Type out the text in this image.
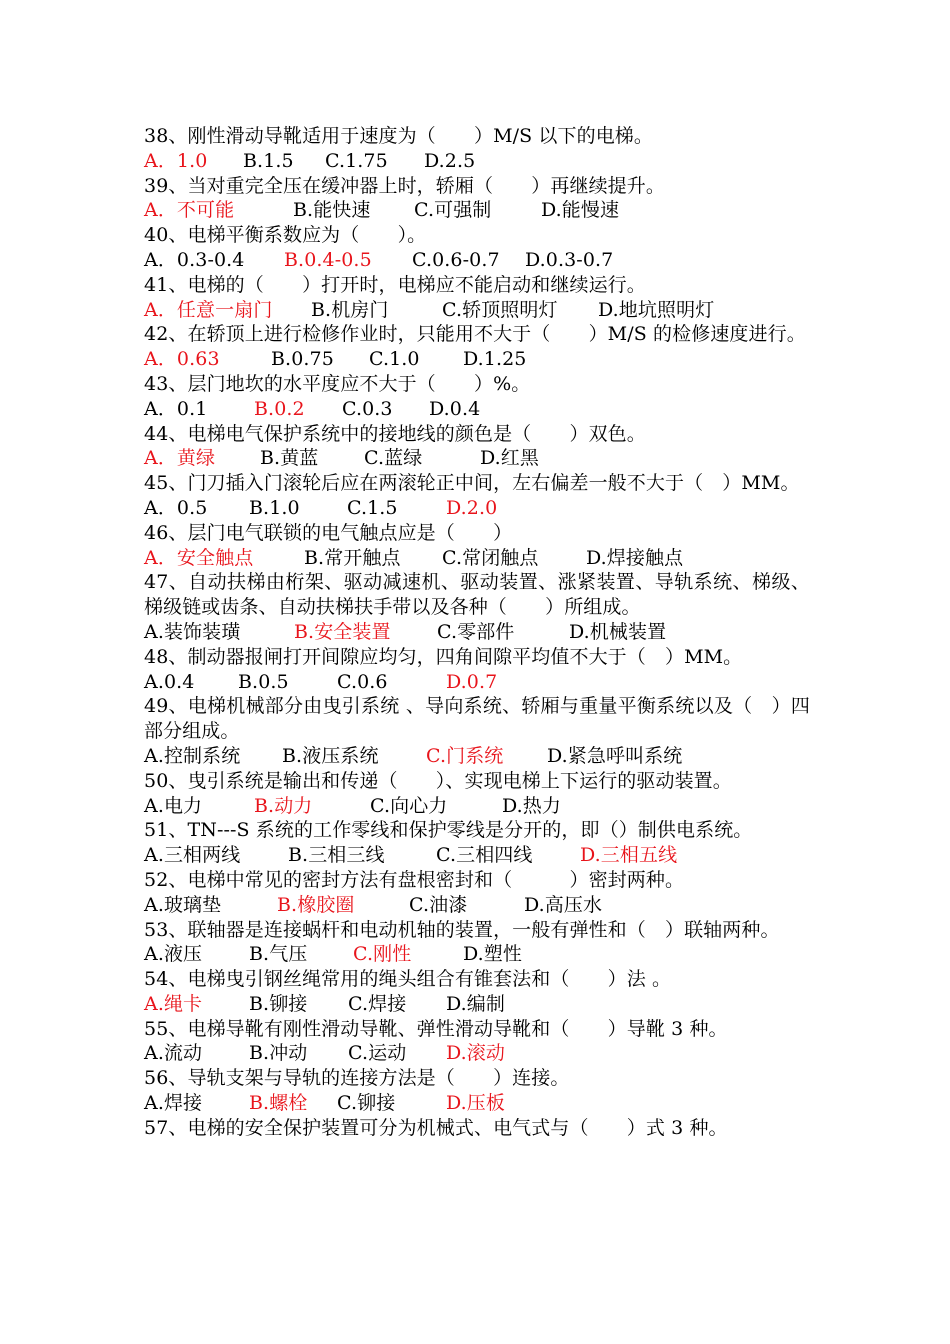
38、刚性滑动导靴适用于速度为（　　）M/S 以下的电梯。

A．1.0

B.1.5

C.1.75

D.2.5

39、当对重完全压在缓冲器上时，轿厢（　　）再继续提升。

A．不可能

	B.能快速

C.可强制

	D.能慢速

40、电梯平衡系数应为（　　）。

A．0.3-0.4

B.0.4-0.5

C.0.6-0.7

D.0.3-0.7

41、电梯的（　　）打开时，电梯应不能启动和继续运行。

A．任意一扇门

B.机房门

	C.轿顶照明灯

D.地坑照明灯

42、在轿顶上进行检修作业时，只能用不大于（　　）M/S 的检修速度进行。

A．0.63

	B.0.75

C.1.0

D.1.25

43、层门地坎的水平度应不大于（　　）%。

A．0.1

B.0.2

C.0.3

D.0.4

44、电梯电气保护系统中的接地线的颜色是（　　）双色。

A．黄绿

B.黄蓝

C.蓝绿

	D.红黑

45、门刀插入门滚轮后应在两滚轮正中间，左右偏差一般不大于（　）MM。

A．0.5

B.1.0

C.1.5

	D.2.0

46、层门电气联锁的电气触点应是（　　）

A．安全触点

	B.常开触点

C.常闭触点

D.焊接触点

47、自动扶梯由桁架、驱动减速机、驱动装置、涨紧装置、导轨系统、梯级、梯级链或齿条、自动扶梯扶手带以及各种（　　）所组成。

A.装饰装璜

	B.安全装置

C.零部件

	D.机械装置

48、制动器报闸打开间隙应均匀，四角间隙平均值不大于（　）MM。

A.0.4

B.0.5

	C.0.6

	D.0.7

49、电梯机械部分由曳引系统 、导向系统、轿厢与重量平衡系统以及（　）四部分组成。

A.控制系统

B.液压系统

C.门系统

D.紧急呼叫系统

50、曳引系统是输出和传递（　　）、实现电梯上下运行的驱动装置。

A.电力

	B.动力

	C.向心力

	D.热力

51、TN---S 系统的工作零线和保护零线是分开的，即（）制供电系统。

A.三相两线

	B.三相三线

	C.三相四线

D.三相五线

52、电梯中常见的密封方法有盘根密封和（　　　）密封两种。

A.玻璃垫

	B.橡胶圈

	C.油漆

	D.高压水

53、联轴器是连接蜗杆和电动机轴的装置，一般有弹性和（　）联轴两种。

A.液压

B.气压

C.刚性

	D.塑性

54、电梯曳引钢丝绳常用的绳头组合有锥套法和（　　）法 。

A.绳卡

B.铆接

C.焊接

D.编制

55、电梯导靴有刚性滑动导靴、弹性滑动导靴和（　　）导靴 3 种。

A.流动

B.冲动

C.运动

D.滚动

56、导轨支架与导轨的连接方法是（　　）连接。

A.焊接

B.螺栓

C.铆接

	D.压板

57、电梯的安全保护装置可分为机械式、电气式与（　　）式 3 种。
